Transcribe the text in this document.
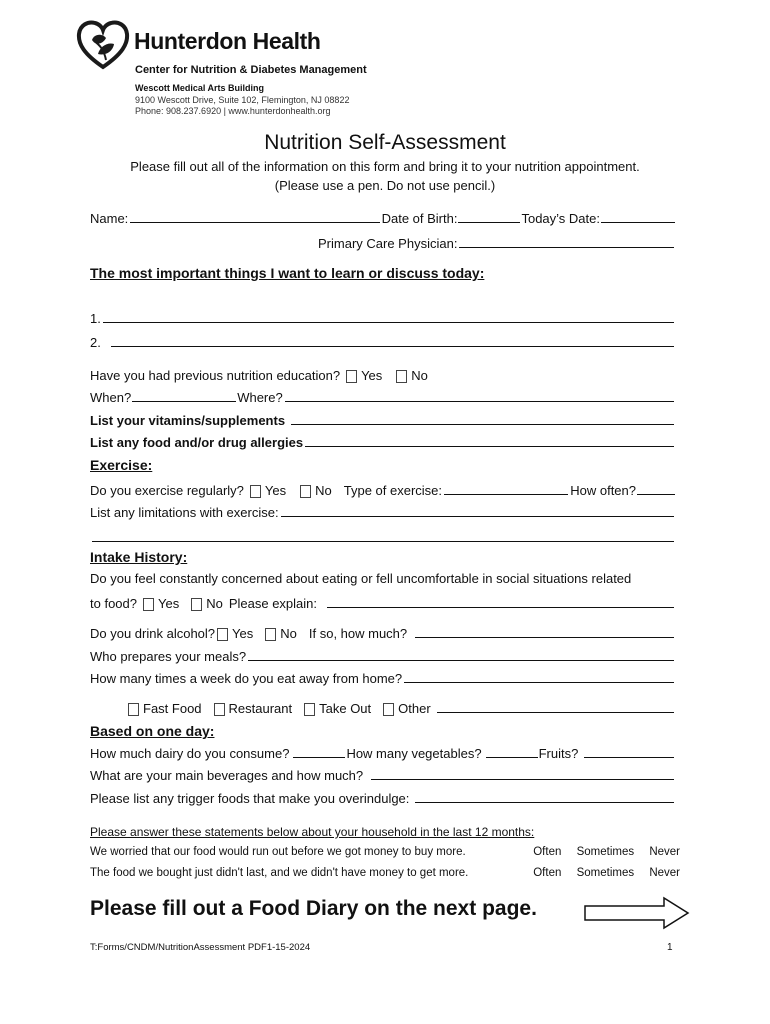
Hunterdon Health
Center for Nutrition & Diabetes Management
Wescott Medical Arts Building
9100 Wescott Drive, Suite 102, Flemington, NJ 08822
Phone: 908.237.6920 | www.hunterdonhealth.org
Nutrition Self-Assessment
Please fill out all of the information on this form and bring it to your nutrition appointment.
(Please use a pen. Do not use pencil.)
Name:	Date of Birth:	Today’s Date:
Primary Care Physician:
The most important things I want to learn or discuss today:
1.
2.
Have you had previous nutrition education? Yes No
When?	Where?
List your vitamins/supplements
List any food and/or drug allergies
Exercise:
Do you exercise regularly? Yes No Type of exercise:	How often?
List any limitations with exercise:
Intake History:
Do you feel constantly concerned about eating or fell uncomfortable in social situations related
to food? Yes No Please explain:
Do you drink alcohol? Yes No If so, how much?
Who prepares your meals?
How many times a week do you eat away from home?
Fast Food Restaurant Take Out Other
Based on one day:
How much dairy do you consume?	How many vegetables?	Fruits?
What are your main beverages and how much?
Please list any trigger foods that make you overindulge:
Please answer these statements below about your household in the last 12 months:
We worried that our food would run out before we got money to buy more.	Often Sometimes Never
The food we bought just didn't last, and we didn't have money to get more.	Often Sometimes Never
Please fill out a Food Diary on the next page.
T:Forms/CNDM/NutritionAssessment PDF1-15-2024	1
